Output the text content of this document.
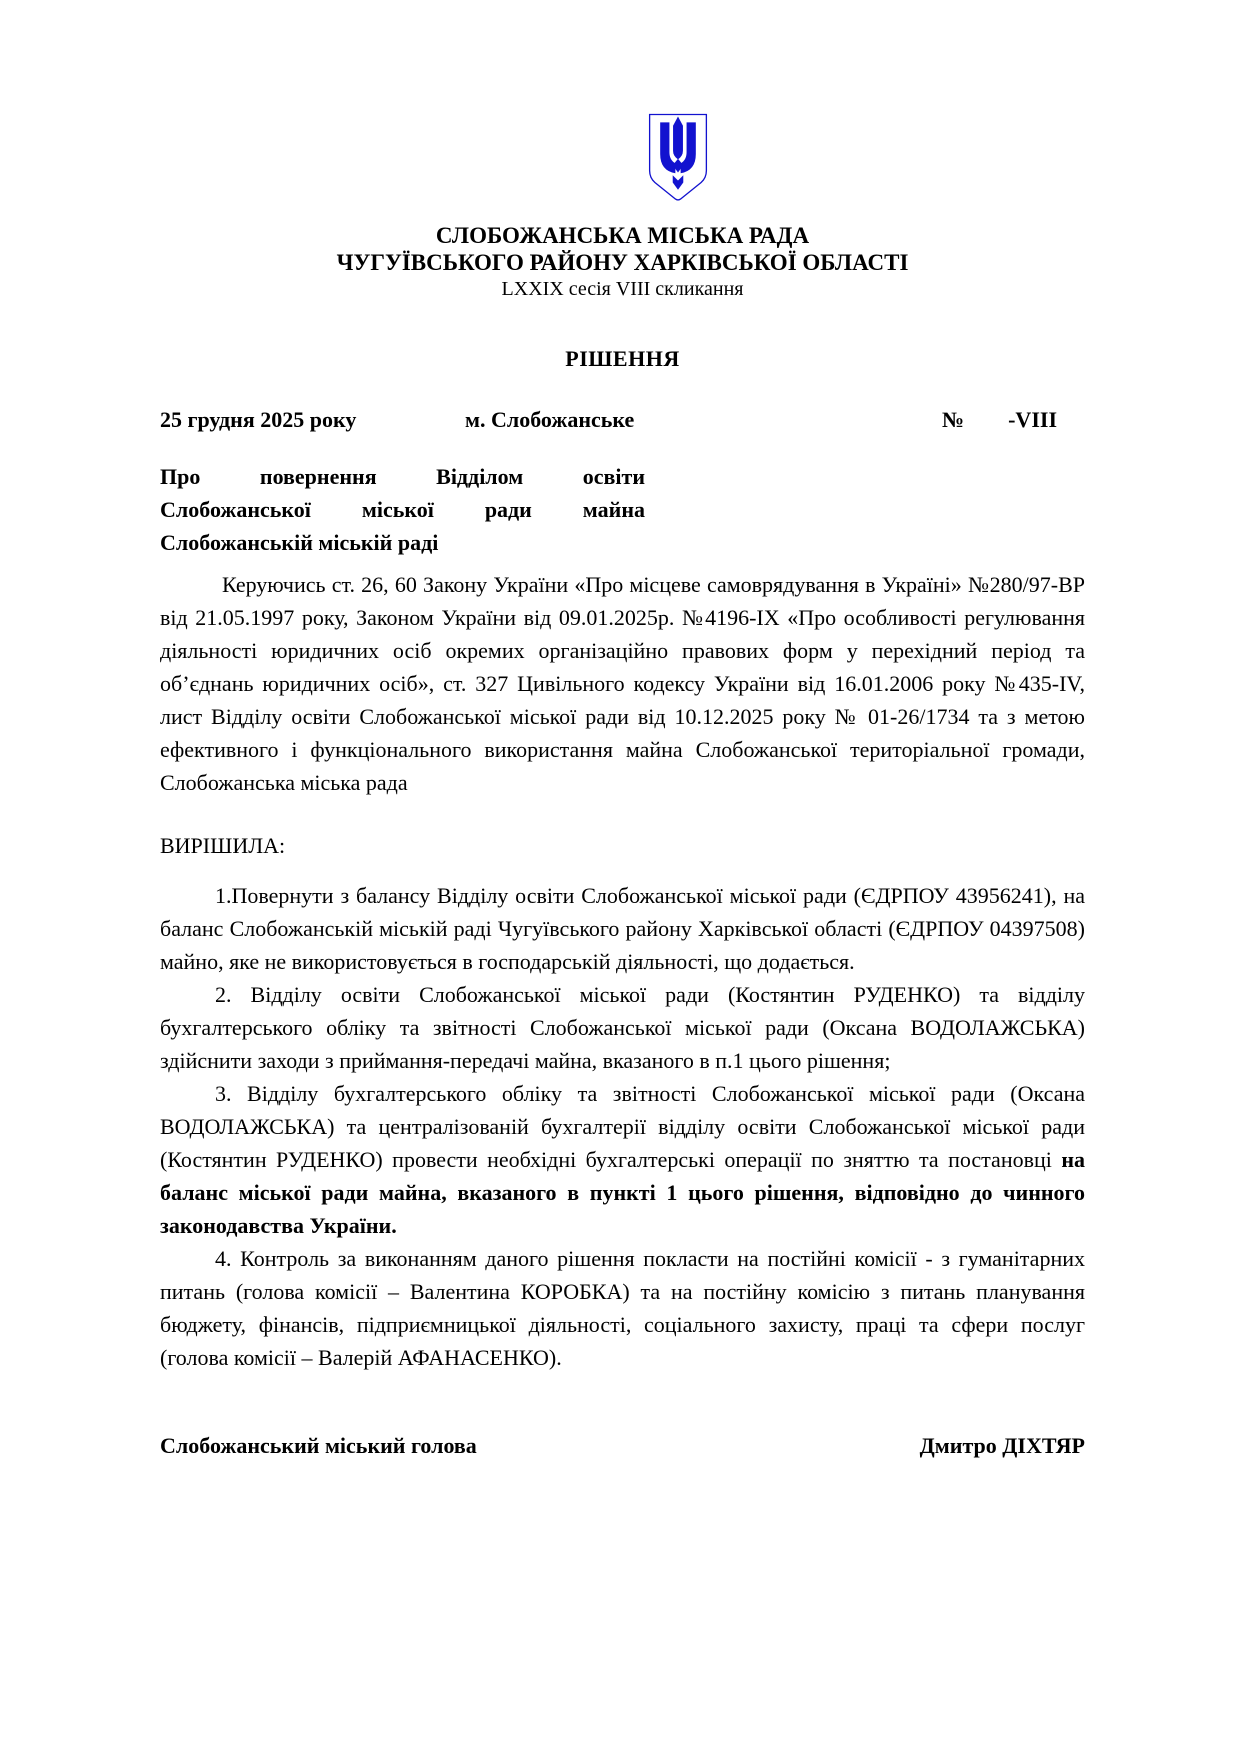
СЛОБОЖАНСЬКА МІСЬКА РАДА
ЧУГУЇВСЬКОГО РАЙОНУ ХАРКІВСЬКОЇ ОБЛАСТІ
LXXIX сесія VIII скликання
РІШЕННЯ
25 грудня 2025 року	м. Слобожанське	№        -VIII
Про повернення Відділом освіти
Слобожанської міської ради майна
Слобожанській міській раді

Керуючись ст. 26, 60 Закону України «Про місцеве самоврядування в Україні» №280/97-ВР від 21.05.1997 року, Законом України від 09.01.2025р. №4196-IX «Про особливості регулювання діяльності юридичних осіб окремих організаційно правових форм у перехідний період та об’єднань юридичних осіб», ст. 327 Цивільного кодексу України від 16.01.2006 року №435-IV, лист Відділу освіти Слобожанської міської ради від 10.12.2025 року № 01-26/1734 та з метою ефективного і функціонального використання майна Слобожанської територіальної громади, Слобожанська міська рада

ВИРІШИЛА:

1.Повернути з балансу Відділу освіти Слобожанської міської ради (ЄДРПОУ 43956241), на баланс Слобожанській міській раді Чугуївського району Харківської області (ЄДРПОУ 04397508) майно, яке не використовується в господарській діяльності, що додається.

2. Відділу освіти Слобожанської міської ради (Костянтин РУДЕНКО) та відділу бухгалтерського обліку та звітності Слобожанської міської ради (Оксана ВОДОЛАЖСЬКА) здійснити заходи з приймання-передачі майна, вказаного в п.1 цього рішення;

3. Відділу бухгалтерського обліку та звітності Слобожанської міської ради (Оксана ВОДОЛАЖСЬКА) та централізованій бухгалтерії відділу освіти Слобожанської міської ради (Костянтин РУДЕНКО) провести необхідні бухгалтерські операції по зняттю та постановці на баланс міської ради майна, вказаного в пункті 1 цього рішення, відповідно до чинного законодавства України.

4. Контроль за виконанням даного рішення покласти на постійні комісії - з гуманітарних питань (голова комісії – Валентина КОРОБКА) та на постійну комісію з питань планування бюджету, фінансів, підприємницької діяльності, соціального захисту, праці та сфери послуг (голова комісії – Валерій АФАНАСЕНКО).

Слобожанський міський голова	Дмитро ДІХТЯР
